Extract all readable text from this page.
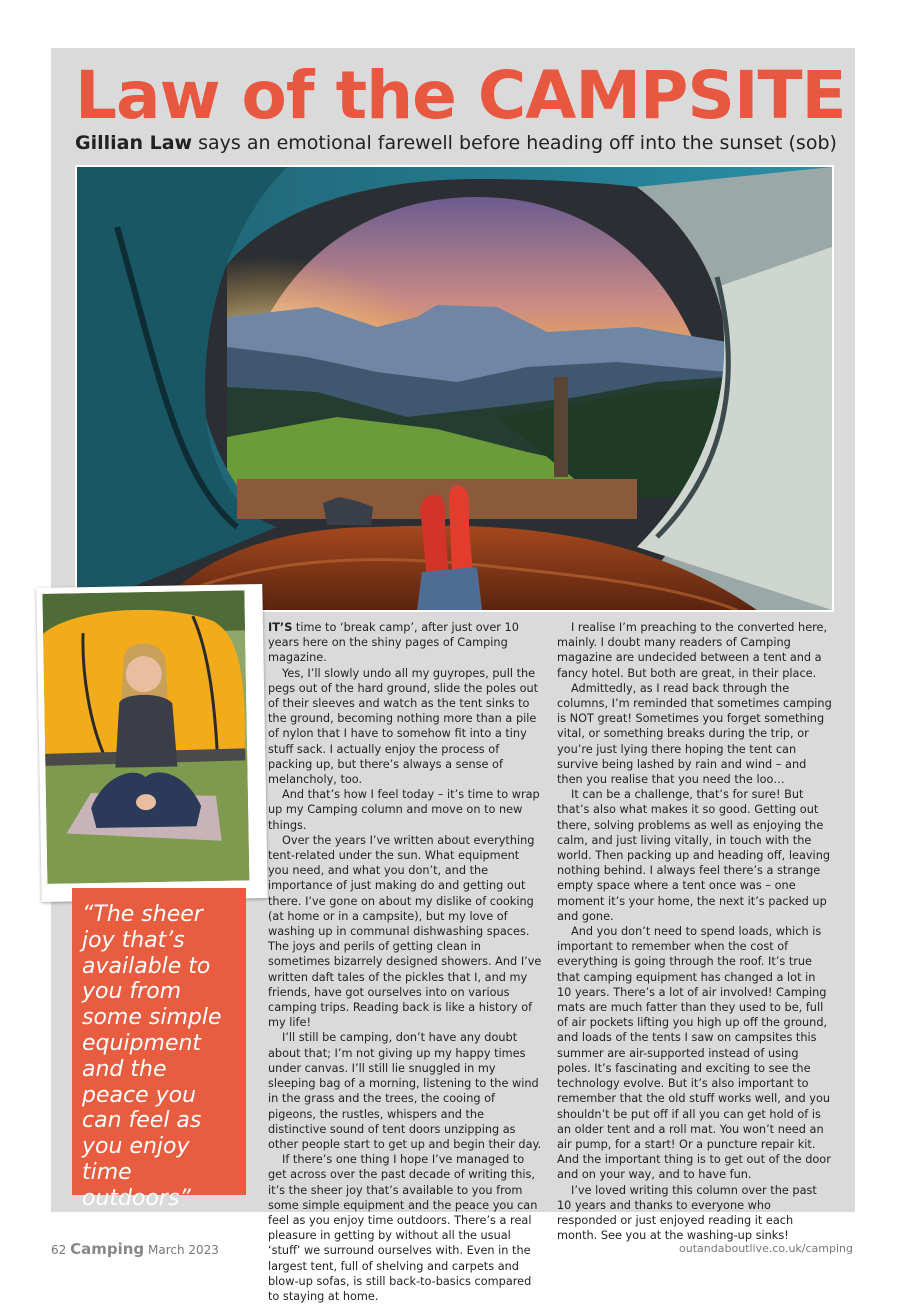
Law of the CAMPSITE
Gillian Law says an emotional farewell before heading off into the sunset (sob)
“The sheer joy that’s available to you from some simple equipment and the peace you can feel as you enjoy time outdoors”

IT’S time to ‘break camp’, after just over 10 years here on the shiny pages of Camping magazine.

Yes, I’ll slowly undo all my guyropes, pull the pegs out of the hard ground, slide the poles out of their sleeves and watch as the tent sinks to the ground, becoming nothing more than a pile of nylon that I have to somehow fit into a tiny stuff sack. I actually enjoy the process of packing up, but there’s always a sense of melancholy, too.

And that’s how I feel today – it’s time to wrap up my Camping column and move on to new things.

Over the years I’ve written about everything tent-related under the sun. What equipment you need, and what you don’t, and the importance of just making do and getting out there. I’ve gone on about my dislike of cooking (at home or in a campsite), but my love of washing up in communal dishwashing spaces. The joys and perils of getting clean in sometimes bizarrely designed showers. And I’ve written daft tales of the pickles that I, and my friends, have got ourselves into on various camping trips. Reading back is like a history of my life!

I’ll still be camping, don’t have any doubt about that; I’m not giving up my happy times under canvas. I’ll still lie snuggled in my sleeping bag of a morning, listening to the wind in the grass and the trees, the cooing of pigeons, the rustles, whispers and the distinctive sound of tent doors unzipping as other people start to get up and begin their day.

If there’s one thing I hope I’ve managed to get across over the past decade of writing this, it’s the sheer joy that’s available to you from some simple equipment and the peace you can feel as you enjoy time outdoors. There’s a real pleasure in getting by without all the usual ‘stuff’ we surround ourselves with. Even in the largest tent, full of shelving and carpets and blow-up sofas, is still back-to-basics compared to staying at home.

I realise I’m preaching to the converted here, mainly. I doubt many readers of Camping magazine are undecided between a tent and a fancy hotel. But both are great, in their place.

Admittedly, as I read back through the columns, I’m reminded that sometimes camping is NOT great! Sometimes you forget something vital, or something breaks during the trip, or you’re just lying there hoping the tent can survive being lashed by rain and wind – and then you realise that you need the loo…

It can be a challenge, that’s for sure! But that’s also what makes it so good. Getting out there, solving problems as well as enjoying the calm, and just living vitally, in touch with the world. Then packing up and heading off, leaving nothing behind. I always feel there’s a strange empty space where a tent once was – one moment it’s your home, the next it’s packed up and gone.

And you don’t need to spend loads, which is important to remember when the cost of everything is going through the roof. It’s true that camping equipment has changed a lot in 10 years. There’s a lot of air involved! Camping mats are much fatter than they used to be, full of air pockets lifting you high up off the ground, and loads of the tents I saw on campsites this summer are air-supported instead of using poles. It’s fascinating and exciting to see the technology evolve. But it’s also important to remember that the old stuff works well, and you shouldn’t be put off if all you can get hold of is an older tent and a roll mat. You won’t need an air pump, for a start! Or a puncture repair kit. And the important thing is to get out of the door and on your way, and to have fun.

I’ve loved writing this column over the past 10 years and thanks to everyone who responded or just enjoyed reading it each month. See you at the washing-up sinks!

62 Camping March 2023	outandaboutlive.co.uk/camping
